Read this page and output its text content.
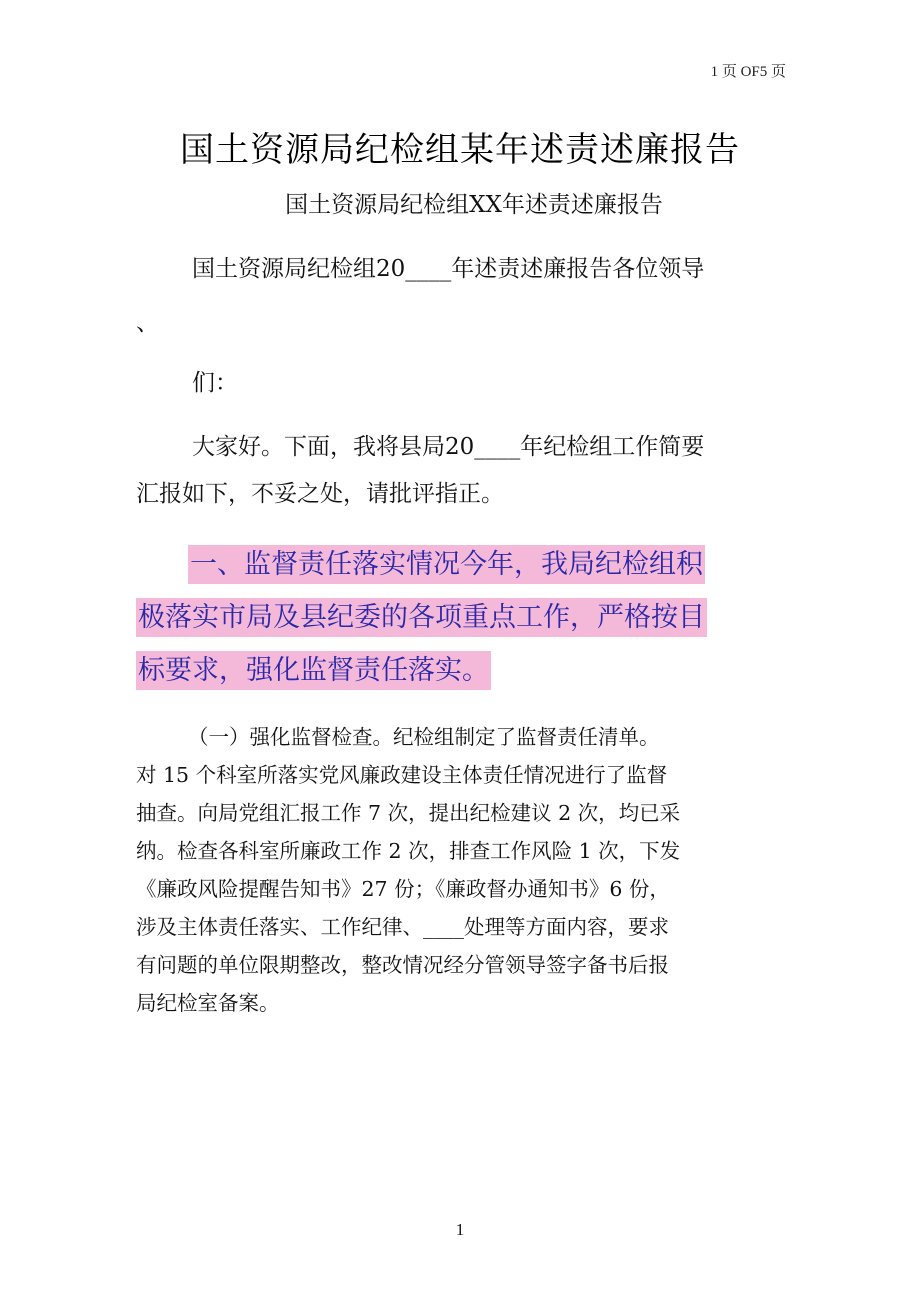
1 页 OF5 页
国土资源局纪检组某年述责述廉报告
国土资源局纪检组XX年述责述廉报告
国土资源局纪检组20____年述责述廉报告各位领导
、
们：
大家好。下面，我将县局20____年纪检组工作简要
汇报如下，不妥之处，请批评指正。
一、监督责任落实情况今年，我局纪检组积
极落实市局及县纪委的各项重点工作，严格按目
标要求，强化监督责任落实。
（一）强化监督检查。纪检组制定了监督责任清单。
对 15 个科室所落实党风廉政建设主体责任情况进行了监督
抽查。向局党组汇报工作 7 次，提出纪检建议 2 次，均已采
纳。检查各科室所廉政工作 2 次，排查工作风险 1 次，下发
《廉政风险提醒告知书》27 份；《廉政督办通知书》6 份，
涉及主体责任落实、工作纪律、____处理等方面内容，要求
有问题的单位限期整改，整改情况经分管领导签字备书后报
局纪检室备案。
1
